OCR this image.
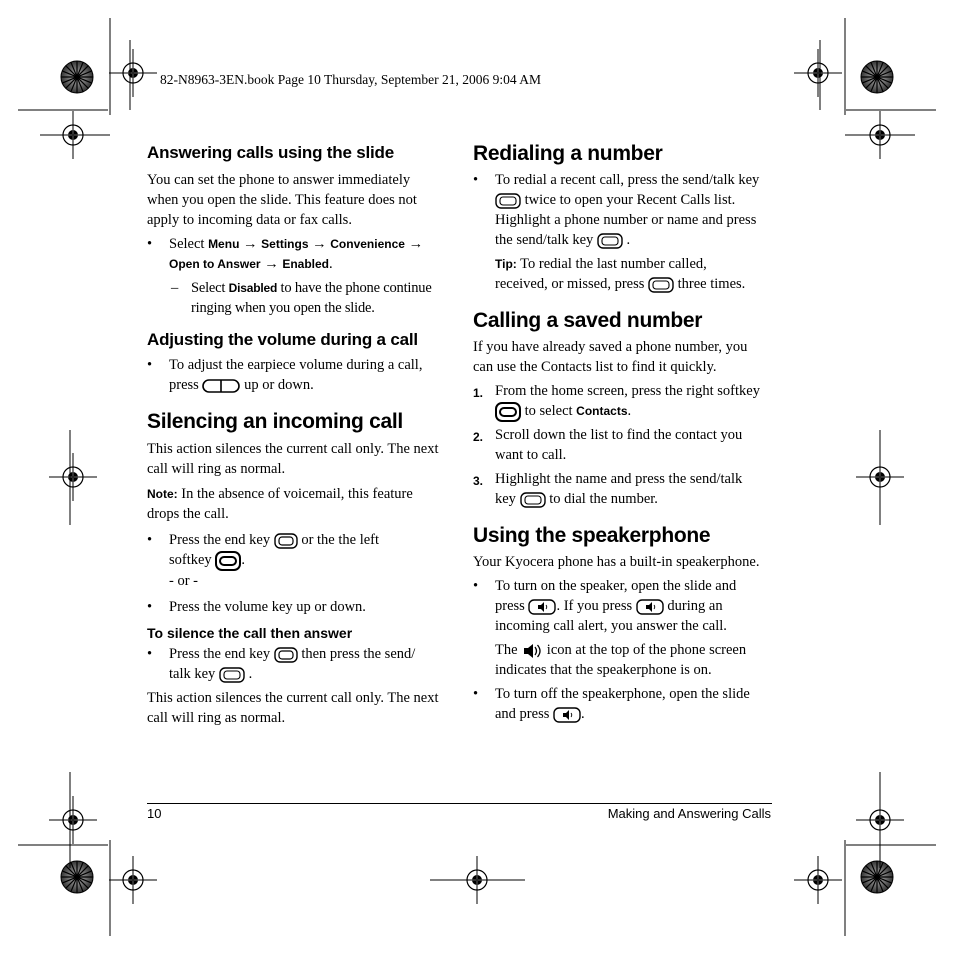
82-N8963-3EN.book Page 10 Thursday, September 21, 2006 9:04 AM
Answering calls using the slide
You can set the phone to answer immediately
when you open the slide. This feature does not
apply to incoming data or fax calls.
• Select Menu → Settings → Convenience →
Open to Answer → Enabled.
– Select Disabled to have the phone continue
ringing when you open the slide.
Adjusting the volume during a call
• To adjust the earpiece volume during a call,
press	up or down.
Silencing an incoming call
This action silences the current call only. The next
call will ring as normal.
Note: In the absence of voicemail, this feature
drops the call.
• Press the end key or the the left
softkey .
- or -
• Press the volume key up or down.
To silence the call then answer
• Press the end key then press the send/
talk key .
This action silences the current call only. The next
call will ring as normal.
Redialing a number
• To redial a recent call, press the send/talk key
twice to open your Recent Calls list.
Highlight a phone number or name and press
the send/talk key .
Tip: To redial the last number called,
received, or missed, press three times.
Calling a saved number
If you have already saved a phone number, you
can use the Contacts list to find it quickly.
1. From the home screen, press the right softkey
to select Contacts.
2. Scroll down the list to find the contact you
want to call.
3. Highlight the name and press the send/talk
key to dial the number.
Using the speakerphone
Your Kyocera phone has a built-in speakerphone.
• To turn on the speaker, open the slide and
press . If you press during an
incoming call alert, you answer the call.
The icon at the top of the phone screen
indicates that the speakerphone is on.
• To turn off the speakerphone, open the slide
and press .
10	Making and Answering Calls
